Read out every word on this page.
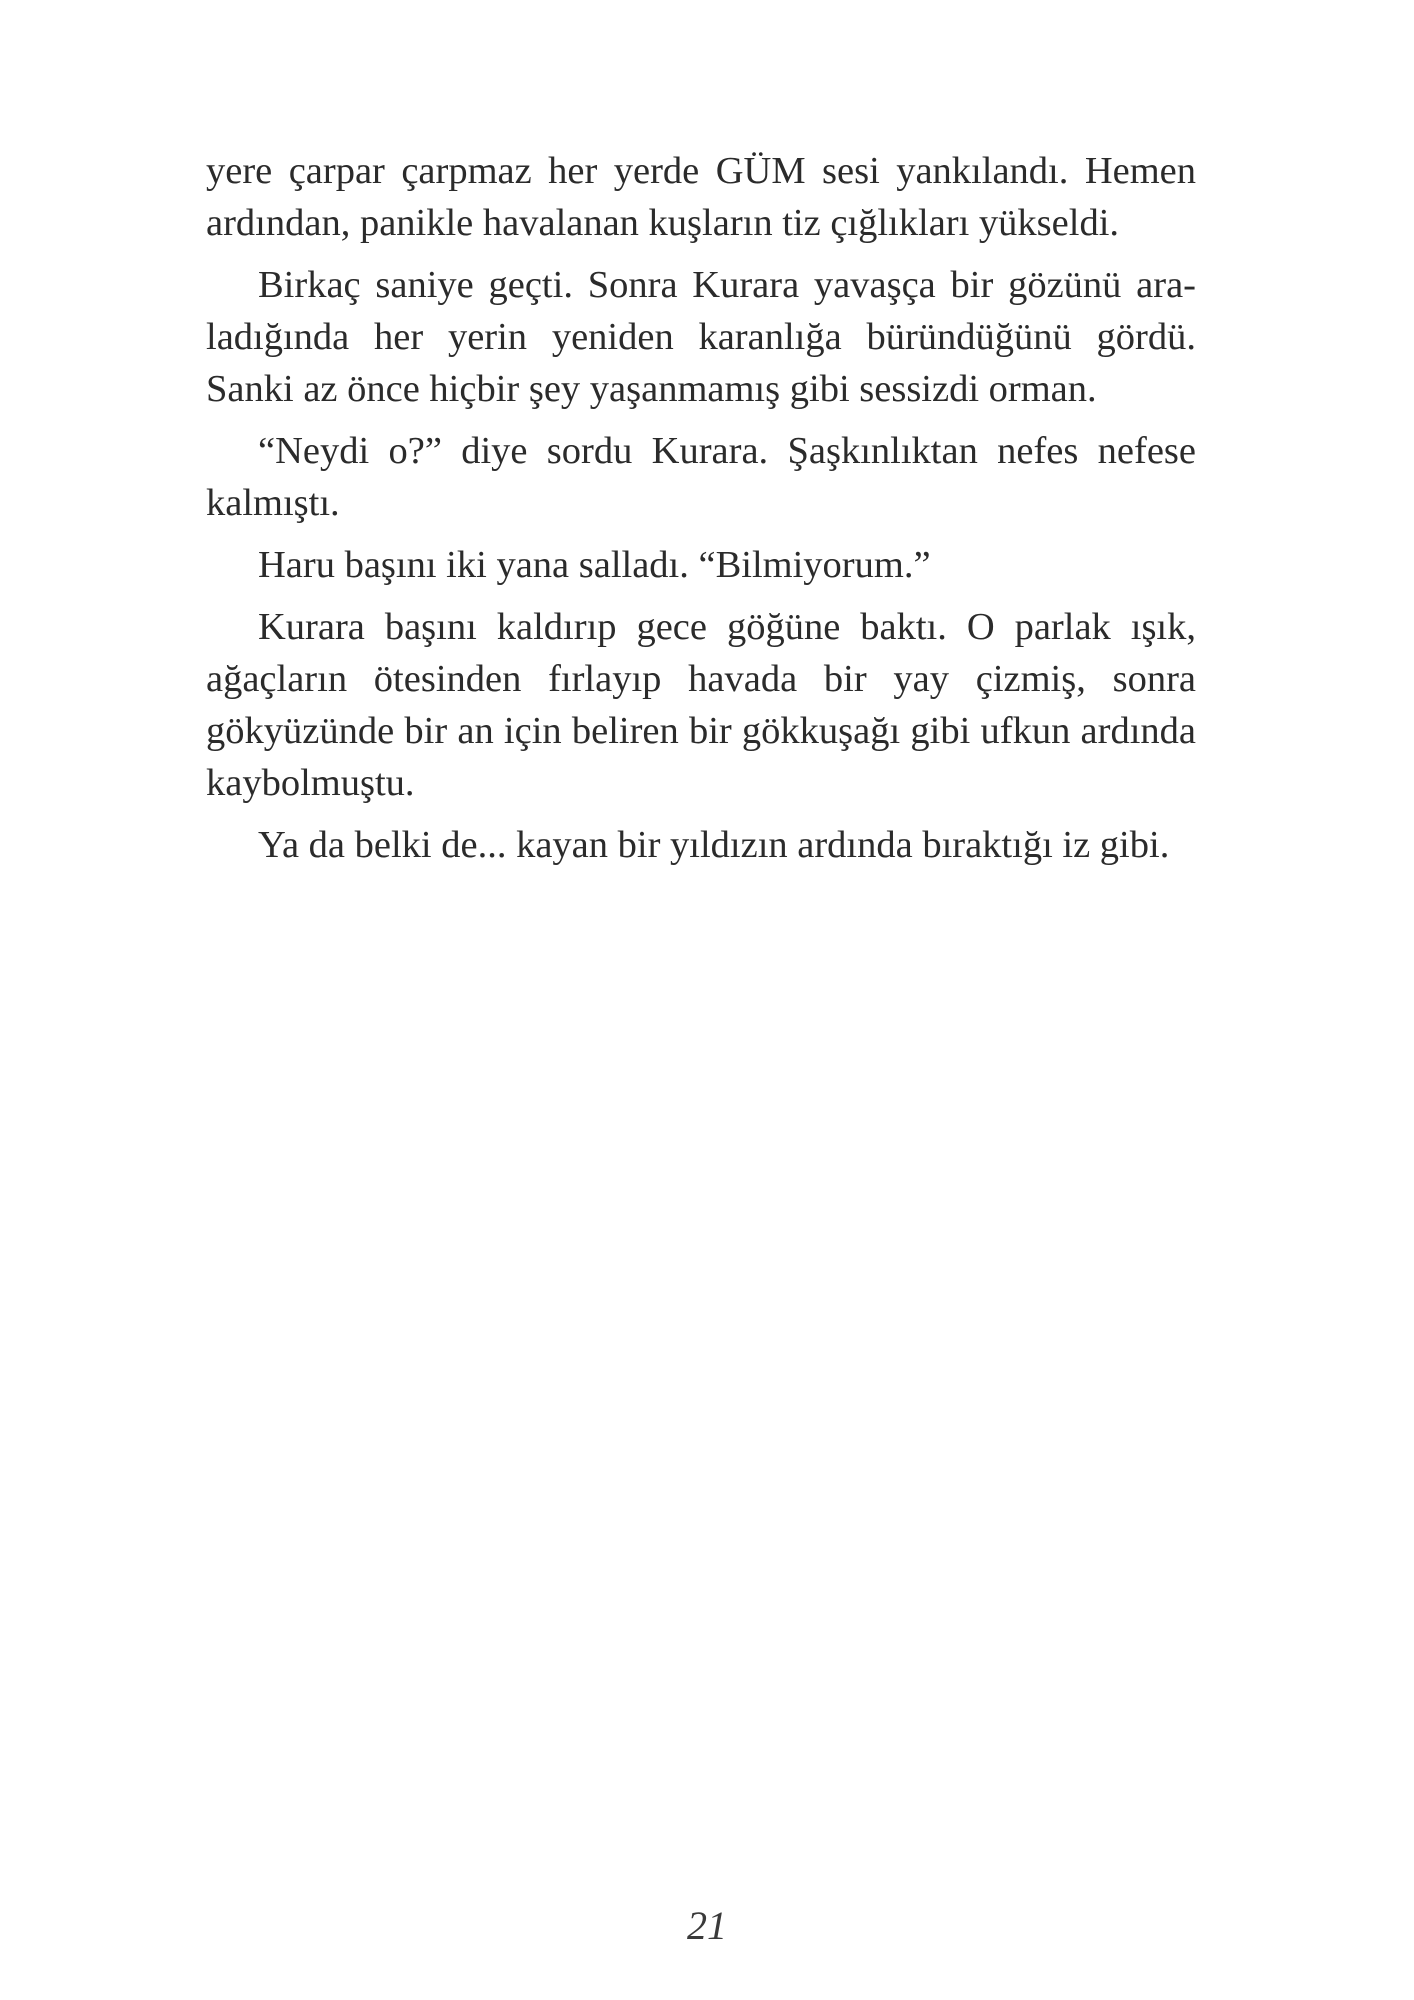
yere çarpar çarpmaz her yerde GÜM sesi yankılandı. Hemen ardından, panikle havalanan kuşların tiz çığlıkları yükseldi.

Birkaç saniye geçti. Sonra Kurara yavaşça bir gözünü araladığında her yerin yeniden karanlığa büründüğünü gördü. Sanki az önce hiçbir şey yaşanmamış gibi sessizdi orman.

“Neydi o?” diye sordu Kurara. Şaşkınlıktan nefes nefese kalmıştı.

Haru başını iki yana salladı. “Bilmiyorum.”

Kurara başını kaldırıp gece göğüne baktı. O parlak ışık, ağaçların ötesinden fırlayıp havada bir yay çizmiş, sonra gökyüzünde bir an için beliren bir gökkuşağı gibi ufkun ardında kaybolmuştu.

Ya da belki de... kayan bir yıldızın ardında bıraktığı iz gibi.

21
